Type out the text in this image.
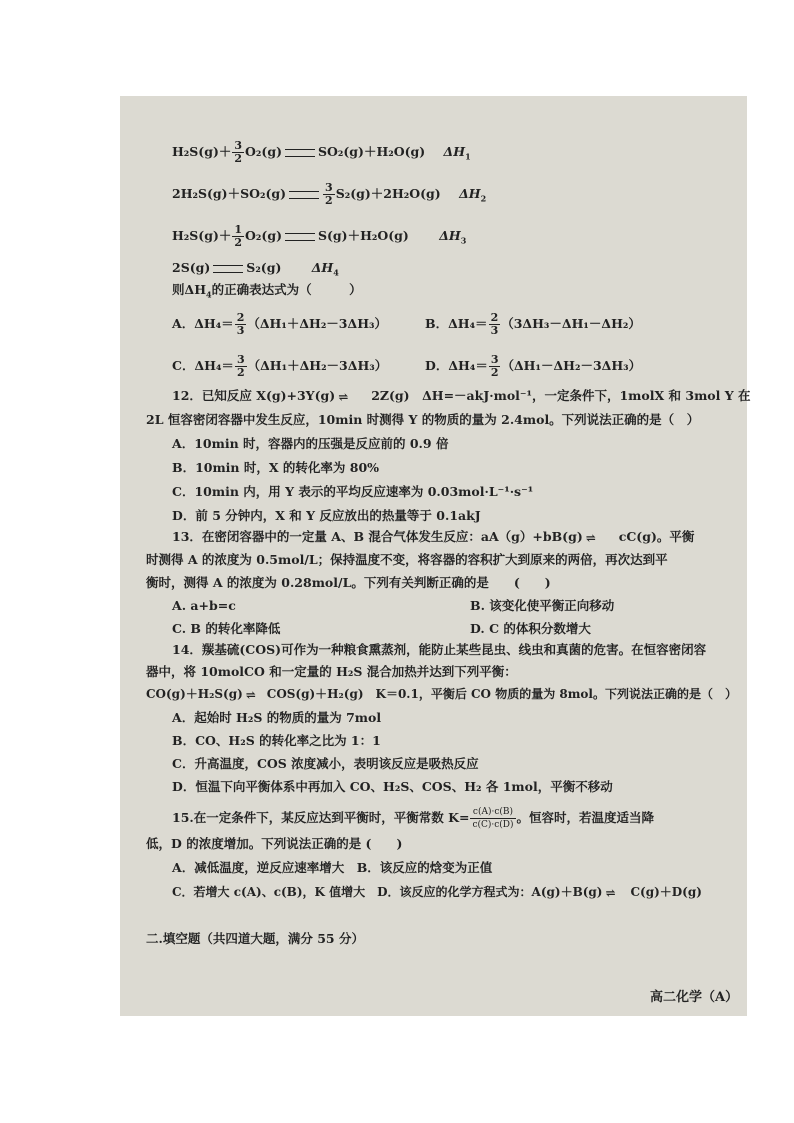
$H_2S(g)+ \frac{3}{2} O_2(g)$	SO₂(g)＋H₂O(g) $\Delta H_1$
2H₂S(g)＋SO₂(g)	$\frac{3}{2} S_2(g)+2H_2O(g)$ $\Delta H_2$
$H_2S(g)+ \frac{1}{2} O_2(g)$	S(g)＋H₂O(g) $\Delta H_3$
2S(g)	S₂(g) $\Delta H_4$
则$\Delta H_4$的正确表达式为（　　　）
A．$\Delta H_4= \frac{2}{3} (\Delta H_1+\Delta H_2-3\Delta H_3)$	B．$\Delta H_4= \frac{2}{3} (3\Delta H_3-\Delta H_1-\Delta H_2)$
C．$\Delta H_4= \frac{3}{2} (\Delta H_1+\Delta H_2-3\Delta H_3)$	D．$\Delta H_4= \frac{3}{2} (\Delta H_1-\Delta H_2-3\Delta H_3)$
12．已知反应 X(g)+3Y(g) ⇌ 2Z(g)　ΔH=－akJ·mol⁻¹，一定条件下，1molX 和 3mol Y 在
2L 恒容密闭容器中发生反应，10min 时测得 Y 的物质的量为 2.4mol。下列说法正确的是（　）
A．10min 时，容器内的压强是反应前的 0.9 倍
B．10min 时，X 的转化率为 80%
C．10min 内，用 Y 表示的平均反应速率为 0.03mol·L⁻¹·s⁻¹
D．前 5 分钟内，X 和 Y 反应放出的热量等于 0.1akJ
13．在密闭容器中的一定量 A、B 混合气体发生反应：aA（g）+bB(g) ⇌ cC(g)。平衡
时测得 A 的浓度为 0.5mol/L；保持温度不变，将容器的容积扩大到原来的两倍，再次达到平
衡时，测得 A 的浓度为 0.28mol/L。下列有关判断正确的是　　(　　)
A. a+b=c	B. 该变化使平衡正向移动
C. B 的转化率降低	D. C 的体积分数增大
14．羰基硫(COS)可作为一种粮食熏蒸剂，能防止某些昆虫、线虫和真菌的危害。在恒容密闭容
器中，将 10molCO 和一定量的 H₂S 混合加热并达到下列平衡：
CO(g)＋H₂S(g) ⇌ COS(g)＋H₂(g)　K＝0.1，平衡后 CO 物质的量为 8mol。下列说法正确的是（　）
A．起始时 H₂S 的物质的量为 7mol
B．CO、H₂S 的转化率之比为 1：1
C．升高温度，COS 浓度减小，表明该反应是吸热反应
D．恒温下向平衡体系中再加入 CO、H₂S、COS、H₂ 各 1mol，平衡不移动
15.在一定条件下，某反应达到平衡时，平衡常数 $K= \frac{c(A)\cdot c(B)}{c(C)\cdot c(D)}$ 。恒容时，若温度适当降
低，D 的浓度增加。下列说法正确的是 (　　)
A．减低温度，逆反应速率增大　B．该反应的焓变为正值
C．若增大 c(A)、c(B)，K 值增大　D．该反应的化学方程式为：A(g)＋B(g) ⇌ C(g)＋D(g)
二.填空题（共四道大题，满分 55 分）
高二化学（A）
